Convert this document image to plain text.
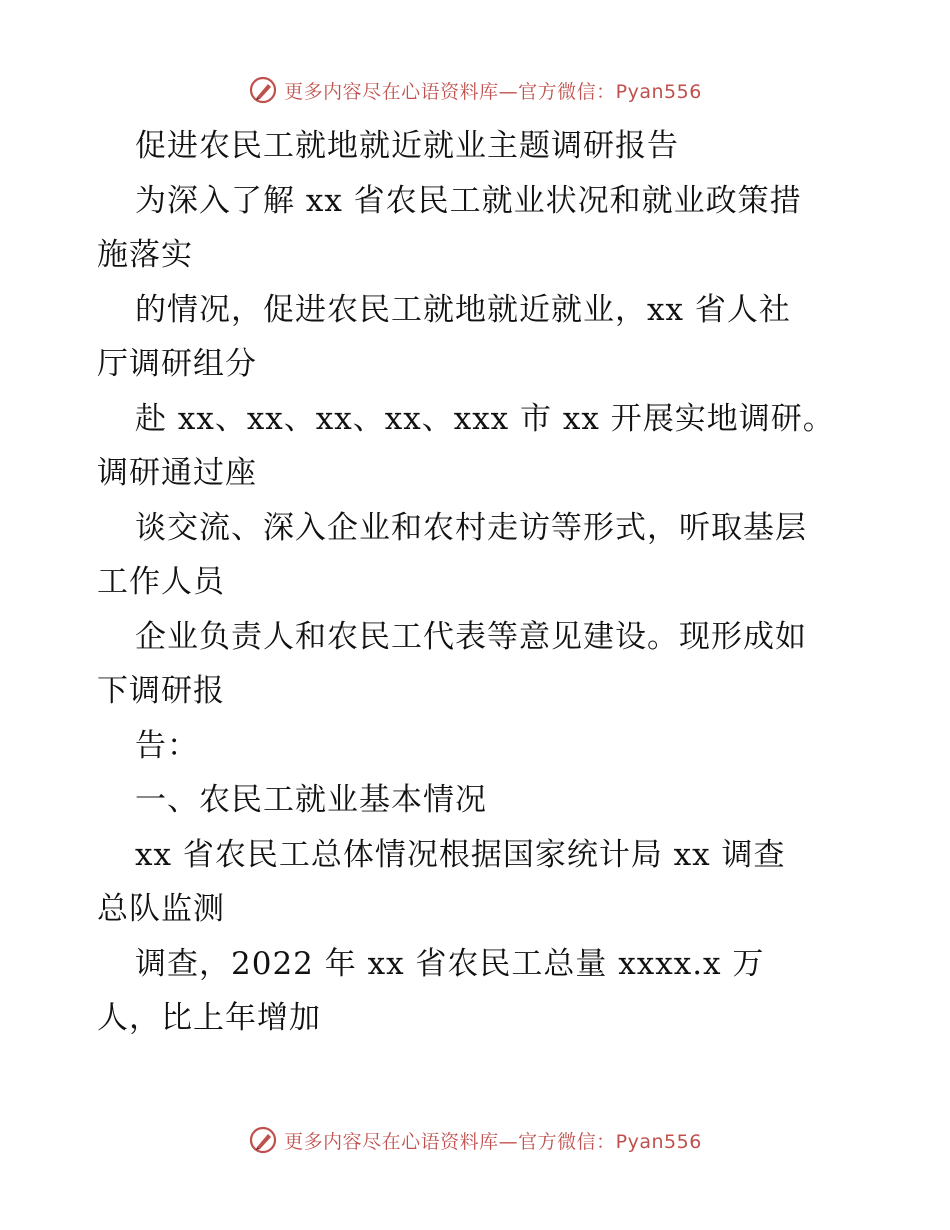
更多内容尽在心语资料库—官方微信：Pyan556
促进农民工就地就近就业主题调研报告
为深入了解 xx 省农民工就业状况和就业政策措
施落实
的情况，促进农民工就地就近就业，xx 省人社
厅调研组分
赴 xx、xx、xx、xx、xxx 市 xx 开展实地调研。
调研通过座
谈交流、深入企业和农村走访等形式，听取基层
工作人员
企业负责人和农民工代表等意见建设。现形成如
下调研报
告：
一、农民工就业基本情况
xx 省农民工总体情况根据国家统计局 xx 调查
总队监测
调查，2022 年 xx 省农民工总量 xxxx.x 万
人，比上年增加
更多内容尽在心语资料库—官方微信：Pyan556
